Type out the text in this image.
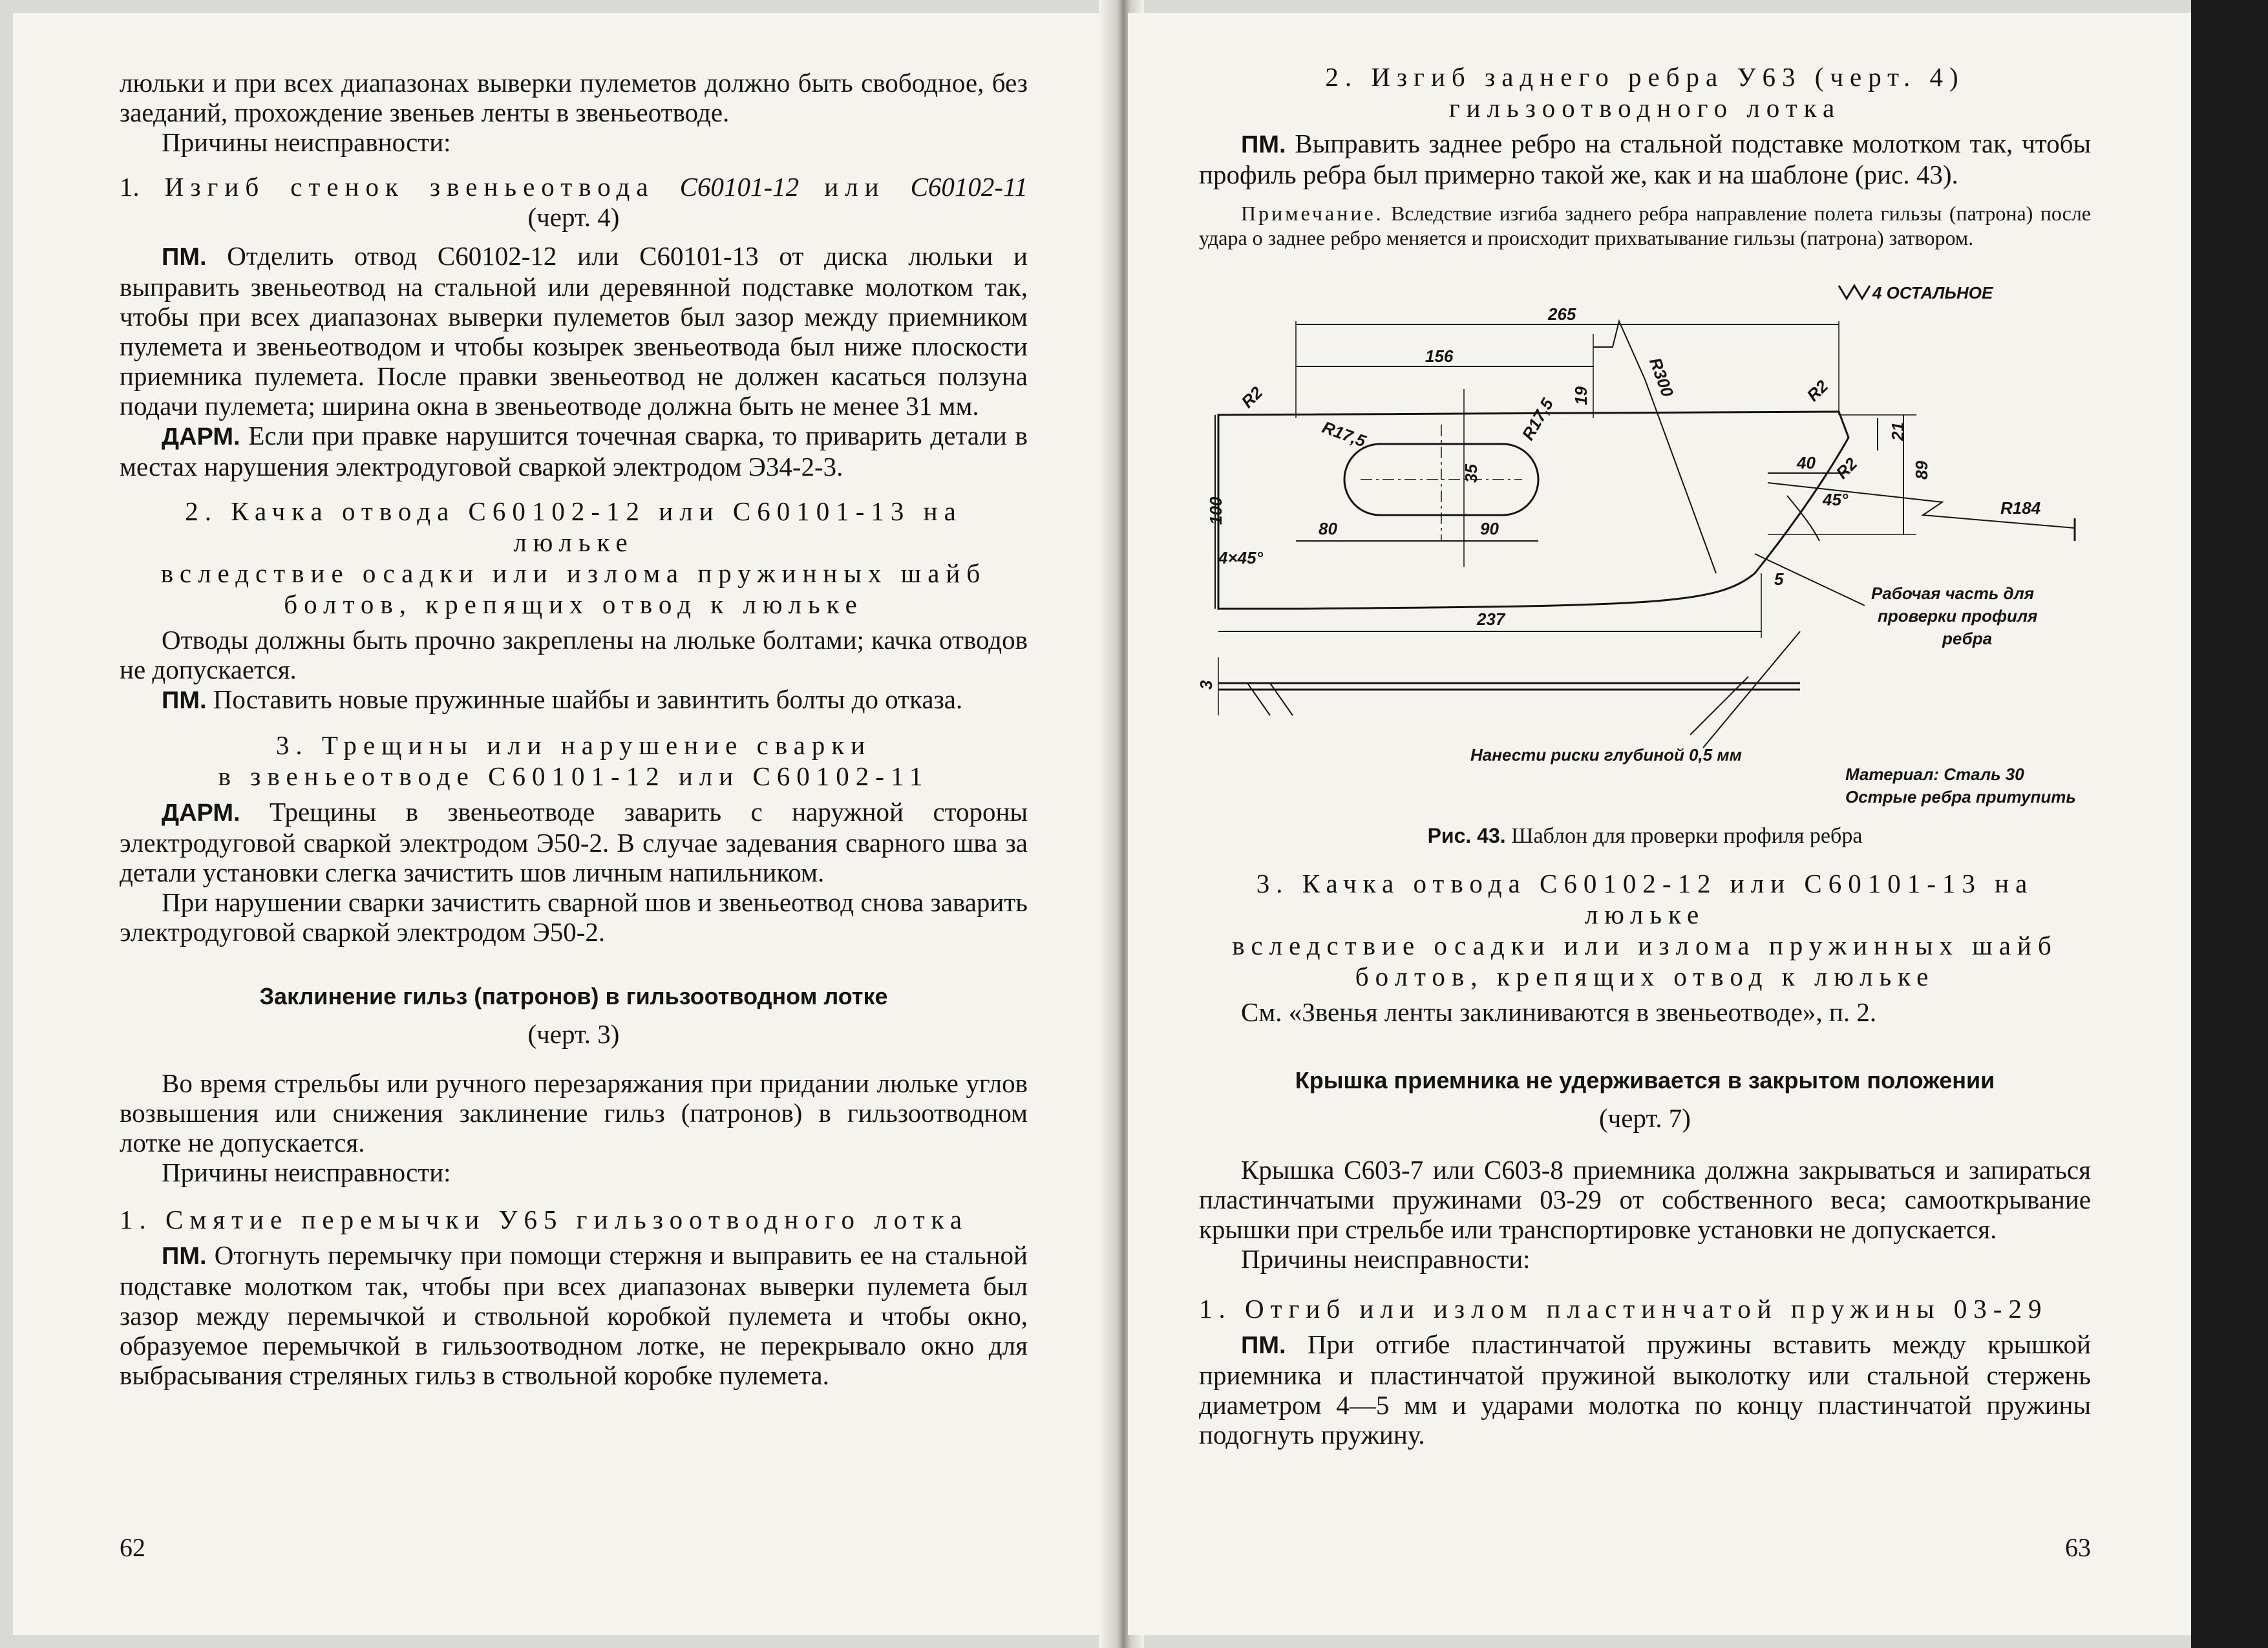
люльки и при всех диапазонах выверки пулеметов должно быть свободное, без заеданий, прохождение звеньев ленты в звеньеотводе.

Причины неисправности:

1. Изгиб стенок звеньеотвода С60101-12 или С60102-11

(черт. 4)

ПМ. Отделить отвод С60102-12 или С60101-13 от диска люльки и выправить звеньеотвод на стальной или деревянной подставке молотком так, чтобы при всех диапазонах выверки пулеметов был зазор между приемником пулемета и звеньеотводом и чтобы козырек звеньеотвода был ниже плоскости приемника пулемета. После правки звеньеотвод не должен касаться ползуна подачи пулемета; ширина окна в звеньеотводе должна быть не менее 31 мм.

ДАРМ. Если при правке нарушится точечная сварка, то приварить детали в местах нарушения электродуговой сваркой электродом Э34-2-3.

2. Качка отвода С60102-12 или С60101-13 на люльке
вследствие осадки или излома пружинных шайб
болтов, крепящих отвод к люльке

Отводы должны быть прочно закреплены на люльке болтами; качка отводов не допускается.

ПМ. Поставить новые пружинные шайбы и завинтить болты до отказа.

3. Трещины или нарушение сварки
в звеньеотводе С60101-12 или С60102-11

ДАРМ. Трещины в звеньеотводе заварить с наружной стороны электродуговой сваркой электродом Э50-2. В случае задевания сварного шва за детали установки слегка зачистить шов личным напильником.

При нарушении сварки зачистить сварной шов и звеньеотвод снова заварить электродуговой сваркой электродом Э50-2.

Заклинение гильз (патронов) в гильзоотводном лотке

(черт. 3)

Во время стрельбы или ручного перезаряжания при придании люльке углов возвышения или снижения заклинение гильз (патронов) в гильзоотводном лотке не допускается.

Причины неисправности:

1. Смятие перемычки У65 гильзоотводного лотка

ПМ. Отогнуть перемычку при помощи стержня и выправить ее на стальной подставке молотком так, чтобы при всех диапазонах выверки пулемета был зазор между перемычкой и ствольной коробкой пулемета и чтобы окно, образуемое перемычкой в гильзоотводном лотке, не перекрывало окно для выбрасывания стреляных гильз в ствольной коробке пулемета.

62
2. Изгиб заднего ребра У63 (черт. 4)
гильзоотводного лотка

ПМ. Выправить заднее ребро на стальной подставке молотком так, чтобы профиль ребра был примерно такой же, как и на шаблоне (рис. 43).

Примечание. Вследствие изгиба заднего ребра направление полета гильзы (патрона) после удара о заднее ребро меняется и происходит прихватывание гильзы (патрона) затвором.

4 ОСТАЛЬНОЕ
265
156	R300
R2	R2
R2
19
R17,5	R17,5	21
35
100
40	89
45°
80	90
R184
4×45°
5
237
3
Рабочая часть для
проверки профиля
ребра
Нанести риски глубиной 0,5 мм
Материал: Сталь 30
Острые ребра притупить
Рис. 43. Шаблон для проверки профиля ребра
3. Качка отвода С60102-12 или С60101-13 на люльке
вследствие осадки или излома пружинных шайб
болтов, крепящих отвод к люльке

См. «Звенья ленты заклиниваются в звеньеотводе», п. 2.

Крышка приемника не удерживается в закрытом положении

(черт. 7)

Крышка С603-7 или С603-8 приемника должна закрываться и запираться пластинчатыми пружинами 03-29 от собственного веса; самооткрывание крышки при стрельбе или транспортировке установки не допускается.

Причины неисправности:

1. Отгиб или излом пластинчатой пружины 03-29

ПМ. При отгибе пластинчатой пружины вставить между крышкой приемника и пластинчатой пружиной выколотку или стальной стержень диаметром 4—5 мм и ударами молотка по концу пластинчатой пружины подогнуть пружину.

63
